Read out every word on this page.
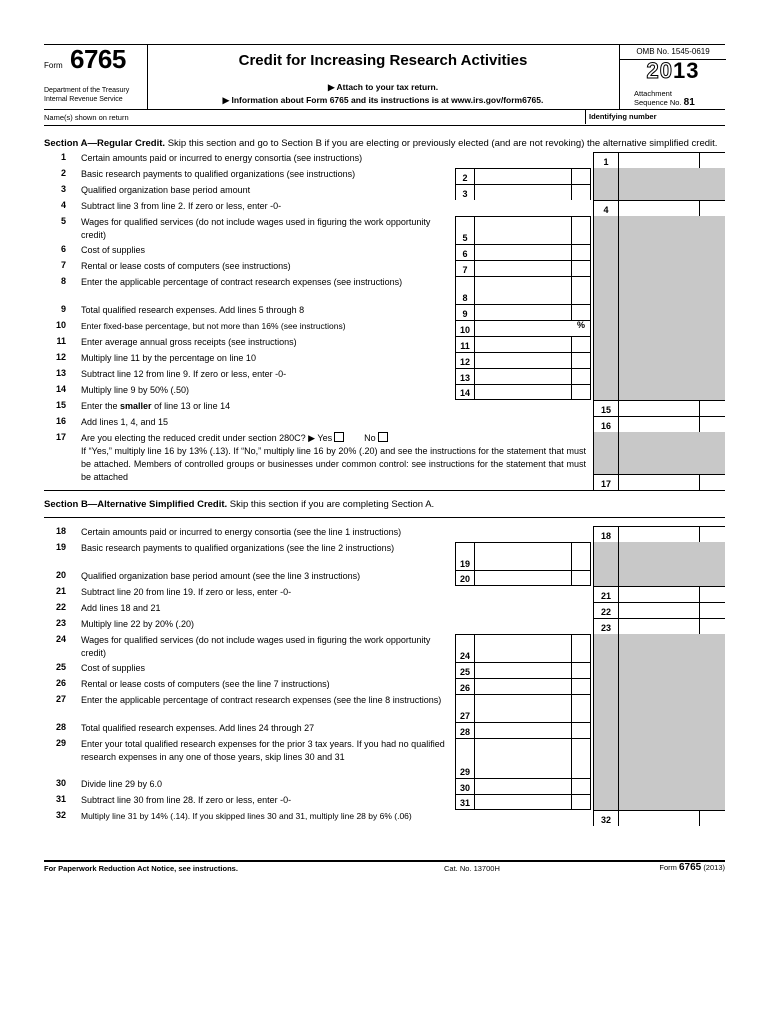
Form 6765
Department of the Treasury
Internal Revenue Service
Credit for Increasing Research Activities
▶ Attach to your tax return.
▶ Information about Form 6765 and its instructions is at www.irs.gov/form6765.
OMB No. 1545-0619
2013
Attachment
Sequence No. 81
Name(s) shown on return	Identifying number
Section A—Regular Credit. Skip this section and go to Section B if you are electing or previously elected (and are not revoking) the alternative simplified credit.
1 Certain amounts paid or incurred to energy consortia (see instructions)	1
2 Basic research payments to qualified organizations (see instructions)	2
3 Qualified organization base period amount	3
4 Subtract line 3 from line 2. If zero or less, enter -0-	4
5 Wages for qualified services (do not include wages used in figuring the work opportunity credit)	5
6 Cost of supplies	6
7 Rental or lease costs of computers (see instructions)	7
8 Enter the applicable percentage of contract research expenses (see instructions)
8
9 Total qualified research expenses. Add lines 5 through 8	9
10 Enter fixed-base percentage, but not more than 16% (see instructions)	10	%
11 Enter average annual gross receipts (see instructions)	11
12 Multiply line 11 by the percentage on line 10	12
13 Subtract line 12 from line 9. If zero or less, enter -0-	13
14 Multiply line 9 by 50% (.50)	14
15 Enter the smaller of line 13 or line 14	15
16 Add lines 1, 4, and 15	16
17 Are you electing the reduced credit under section 280C? ▶ Yes	No

If “Yes,” multiply line 16 by 13% (.13). If “No,” multiply line 16 by 20% (.20) and see the instructions for the statement that must be attached. Members of controlled groups or businesses under common control: see instructions for the statement that must be attached
17
Section B—Alternative Simplified Credit. Skip this section if you are completing Section A.
18 Certain amounts paid or incurred to energy consortia (see the line 1 instructions)	18
19 Basic research payments to qualified organizations (see the line 2 instructions)
19
20 Qualified organization base period amount (see the line 3 instructions)	20
21 Subtract line 20 from line 19. If zero or less, enter -0-	21
22 Add lines 18 and 21	22
23 Multiply line 22 by 20% (.20)	23
24 Wages for qualified services (do not include wages used in figuring the work opportunity credit)	24
25 Cost of supplies	25
26 Rental or lease costs of computers (see the line 7 instructions)	26
27 Enter the applicable percentage of contract research expenses (see the line 8 instructions)
27
28 Total qualified research expenses. Add lines 24 through 27	28
29 Enter your total qualified research expenses for the prior 3 tax years. If you had no qualified research expenses in any one of those years, skip lines 30 and 31
29
30 Divide line 29 by 6.0	30
31 Subtract line 30 from line 28. If zero or less, enter -0-	31
32 Multiply line 31 by 14% (.14). If you skipped lines 30 and 31, multiply line 28 by 6% (.06)	32
For Paperwork Reduction Act Notice, see instructions.	Cat. No. 13700H	Form 6765 (2013)
